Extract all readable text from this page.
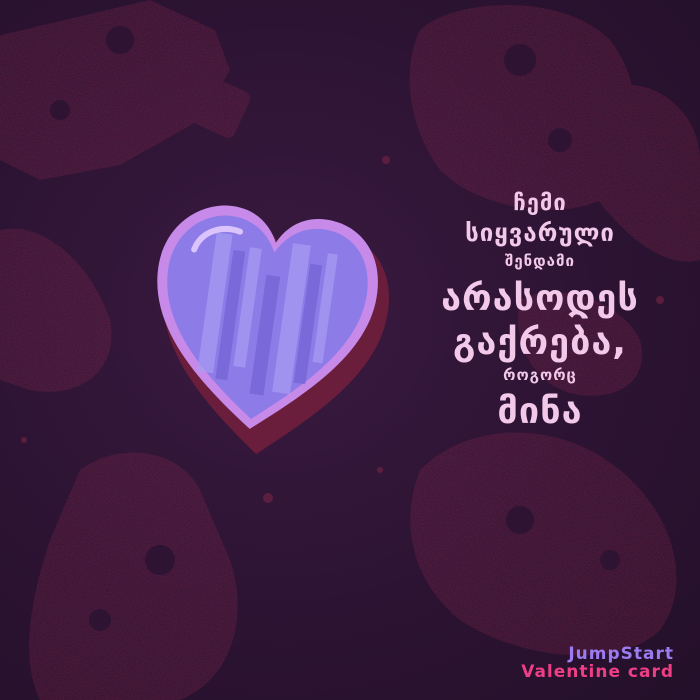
ჩემი
სიყვარული
შენდამი
არასოდეს
გაქრება,
როგორც
მინა
JumpStart
Valentine card
